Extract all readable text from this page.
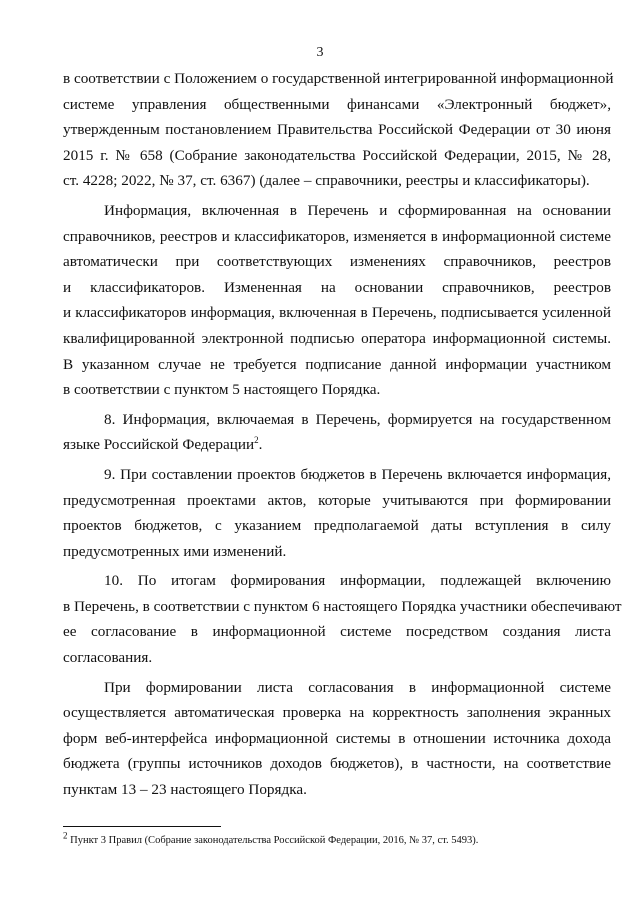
3
в соответствии с Положением о государственной интегрированной информационной
системе управления общественными финансами «Электронный бюджет»,
утвержденным постановлением Правительства Российской Федерации от 30 июня
2015 г. № 658 (Собрание законодательства Российской Федерации, 2015, № 28,
ст. 4228; 2022, № 37, ст. 6367) (далее – справочники, реестры и классификаторы).
Информация, включенная в Перечень и сформированная на основании
справочников, реестров и классификаторов, изменяется в информационной системе
автоматически при соответствующих изменениях справочников, реестров
и классификаторов. Измененная на основании справочников, реестров
и классификаторов информация, включенная в Перечень, подписывается усиленной
квалифицированной электронной подписью оператора информационной системы.
В указанном случае не требуется подписание данной информации участником
в соответствии с пунктом 5 настоящего Порядка.
8. Информация, включаемая в Перечень, формируется на государственном
языке Российской Федерации$^2$.
9. При составлении проектов бюджетов в Перечень включается информация,
предусмотренная проектами актов, которые учитываются при формировании
проектов бюджетов, с указанием предполагаемой даты вступления в силу
предусмотренных ими изменений.
10. По итогам формирования информации, подлежащей включению
в Перечень, в соответствии с пунктом 6 настоящего Порядка участники обеспечивают
ее согласование в информационной системе посредством создания листа
согласования.
При формировании листа согласования в информационной системе
осуществляется автоматическая проверка на корректность заполнения экранных
форм веб-интерфейса информационной системы в отношении источника дохода
бюджета (группы источников доходов бюджетов), в частности, на соответствие
пунктам 13 – 23 настоящего Порядка.
$^2$ Пункт 3 Правил (Собрание законодательства Российской Федерации, 2016, № 37, ст. 5493).
